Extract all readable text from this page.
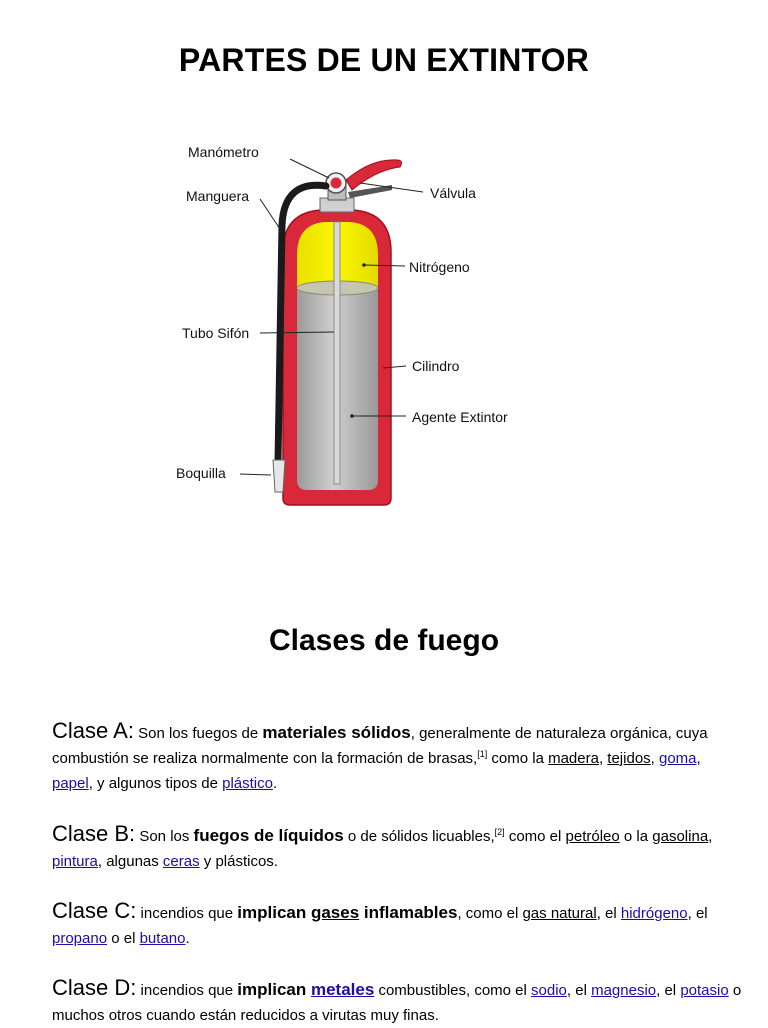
PARTES DE UN EXTINTOR
Manómetro
Manguera	Válvula
Nitrógeno
Tubo Sifón
Cilindro
Agente Extintor
Boquilla
Clases de fuego

Clase A: Son los fuegos de materiales sólidos, generalmente de naturaleza orgánica, cuya combustión se realiza normalmente con la formación de brasas,[1] como la madera, tejidos, goma, papel, y algunos tipos de plástico.

Clase B: Son los fuegos de líquidos o de sólidos licuables,[2] como el petróleo o la gasolina, pintura, algunas ceras y plásticos.

Clase C: incendios que implican gases inflamables, como el gas natural, el hidrógeno, el propano o el butano.

Clase D: incendios que implican metales combustibles, como el sodio, el magnesio, el potasio o muchos otros cuando están reducidos a virutas muy finas.
